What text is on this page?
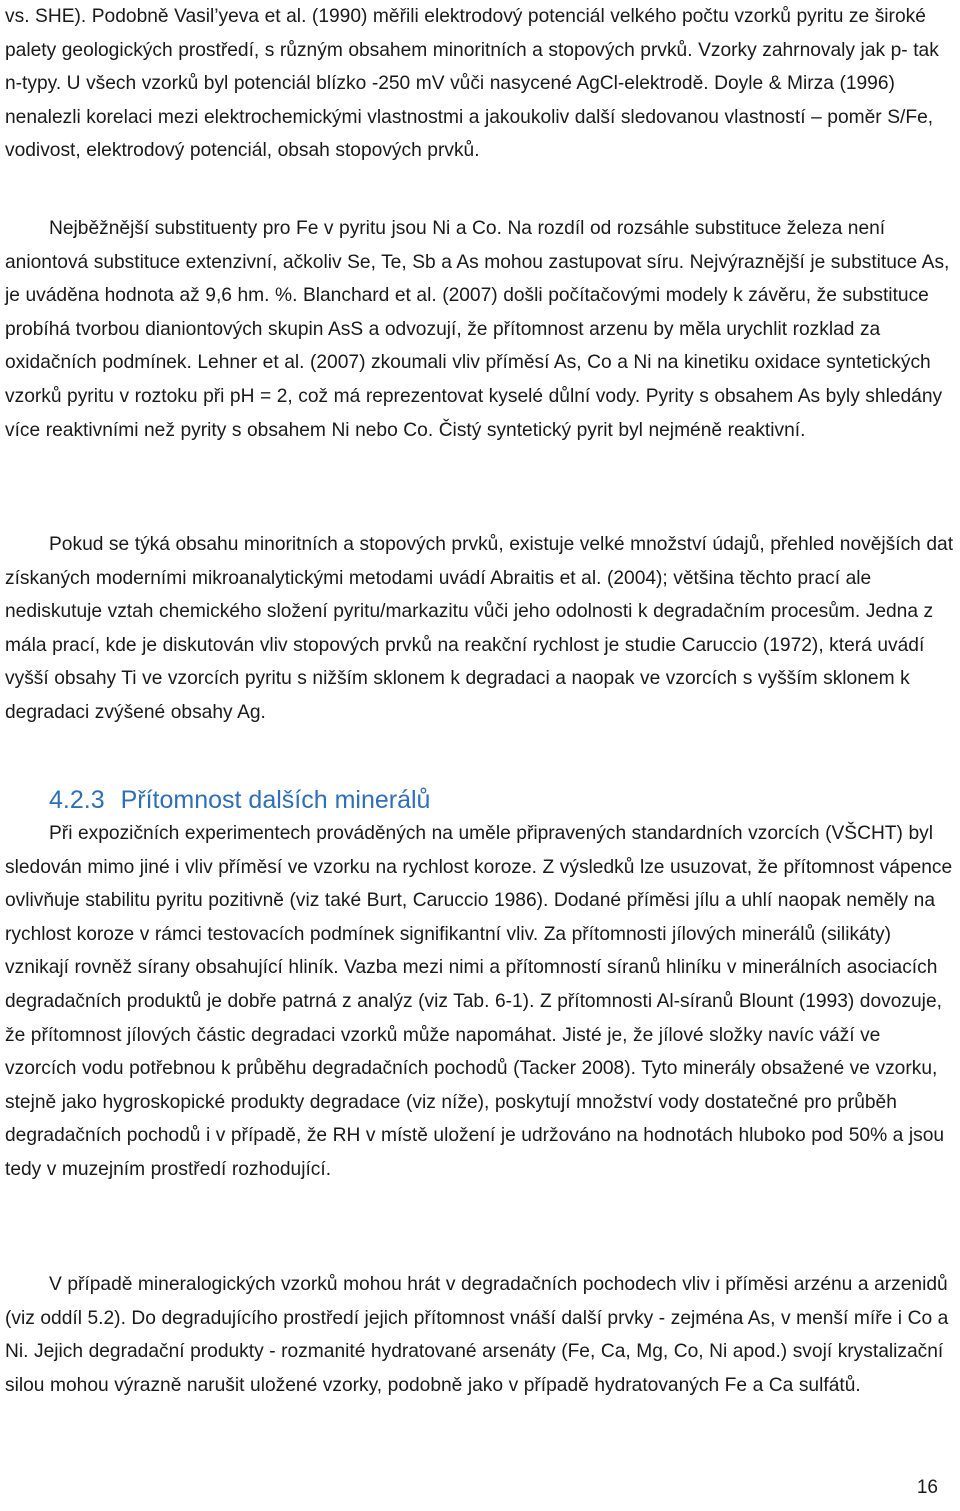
vs. SHE). Podobně Vasil’yeva et al. (1990) měřili elektrodový potenciál velkého počtu vzorků pyritu ze široké palety geologických prostředí, s různým obsahem minoritních a stopových prvků. Vzorky zahrnovaly jak p- tak n-typy. U všech vzorků byl potenciál blízko -250 mV vůči nasycené AgCl-elektrodě. Doyle & Mirza (1996) nenalezli korelaci mezi elektrochemickými vlastnostmi a jakoukoliv další sledovanou vlastností – poměr S/Fe, vodivost, elektrodový potenciál, obsah stopových prvků.

Nejběžnější substituenty pro Fe v pyritu jsou Ni a Co. Na rozdíl od rozsáhle substituce železa není aniontová substituce extenzivní, ačkoliv Se, Te, Sb a As mohou zastupovat síru. Nejvýraznější je substituce As, je uváděna hodnota až 9,6 hm. %. Blanchard et al. (2007) došli počítačovými modely k závěru, že substituce probíhá tvorbou dianiontových skupin AsS a odvozují, že přítomnost arzenu by měla urychlit rozklad za oxidačních podmínek. Lehner et al. (2007) zkoumali vliv příměsí As, Co a Ni na kinetiku oxidace syntetických vzorků pyritu v roztoku při pH = 2, což má reprezentovat kyselé důlní vody. Pyrity s obsahem As byly shledány více reaktivními než pyrity s obsahem Ni nebo Co. Čistý syntetický pyrit byl nejméně reaktivní.

Pokud se týká obsahu minoritních a stopových prvků, existuje velké množství údajů, přehled novějších dat získaných moderními mikroanalytickými metodami uvádí Abraitis et al. (2004); většina těchto prací ale nediskutuje vztah chemického složení pyritu/markazitu vůči jeho odolnosti k degradačním procesům. Jedna z mála prací, kde je diskutován vliv stopových prvků na reakční rychlost je studie Caruccio (1972), která uvádí vyšší obsahy Ti ve vzorcích pyritu s nižším sklonem k degradaci a naopak ve vzorcích s vyšším sklonem k degradaci zvýšené obsahy Ag.

4.2.3 Přítomnost dalších minerálů

Při expozičních experimentech prováděných na uměle připravených standardních vzorcích (VŠCHT) byl sledován mimo jiné i vliv příměsí ve vzorku na rychlost koroze. Z výsledků lze usuzovat, že přítomnost vápence ovlivňuje stabilitu pyritu pozitivně (viz také Burt, Caruccio 1986). Dodané příměsi jílu a uhlí naopak neměly na rychlost koroze v rámci testovacích podmínek signifikantní vliv. Za přítomnosti jílových minerálů (silikáty) vznikají rovněž sírany obsahující hliník. Vazba mezi nimi a přítomností síranů hliníku v minerálních asociacích degradačních produktů je dobře patrná z analýz (viz Tab. 6-1). Z přítomnosti Al-síranů Blount (1993) dovozuje, že přítomnost jílových částic degradaci vzorků může napomáhat. Jisté je, že jílové složky navíc váží ve vzorcích vodu potřebnou k průběhu degradačních pochodů (Tacker 2008). Tyto minerály obsažené ve vzorku, stejně jako hygroskopické produkty degradace (viz níže), poskytují množství vody dostatečné pro průběh degradačních pochodů i v případě, že RH v místě uložení je udržováno na hodnotách hluboko pod 50% a jsou tedy v muzejním prostředí rozhodující.

V případě mineralogických vzorků mohou hrát v degradačních pochodech vliv i příměsi arzénu a arzenidů (viz oddíl 5.2). Do degradujícího prostředí jejich přítomnost vnáší další prvky - zejména As, v menší míře i Co a Ni. Jejich degradační produkty - rozmanité hydratované arsenáty (Fe, Ca, Mg, Co, Ni apod.) svojí krystalizační silou mohou výrazně narušit uložené vzorky, podobně jako v případě hydratovaných Fe a Ca sulfátů.

16
